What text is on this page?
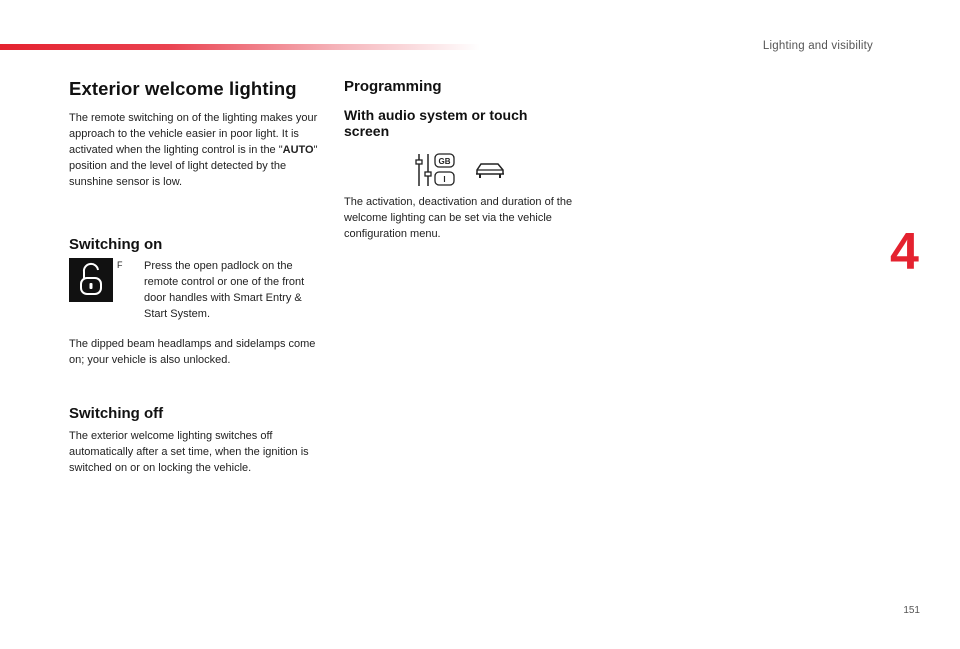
Lighting and visibility
4
151
Exterior welcome lighting

The remote switching on of the lighting makes your approach to the vehicle easier in poor light. It is activated when the lighting control is in the "AUTO" position and the level of light detected by the sunshine sensor is low.

Switching on
F	Press the open padlock on the remote control or one of the front door handles with Smart Entry & Start System.

The dipped beam headlamps and sidelamps come on; your vehicle is also unlocked.

Switching off

The exterior welcome lighting switches off automatically after a set time, when the ignition is switched on or on locking the vehicle.

Programming
With audio system or touch screen
GB
I

The activation, deactivation and duration of the welcome lighting can be set via the vehicle configuration menu.
